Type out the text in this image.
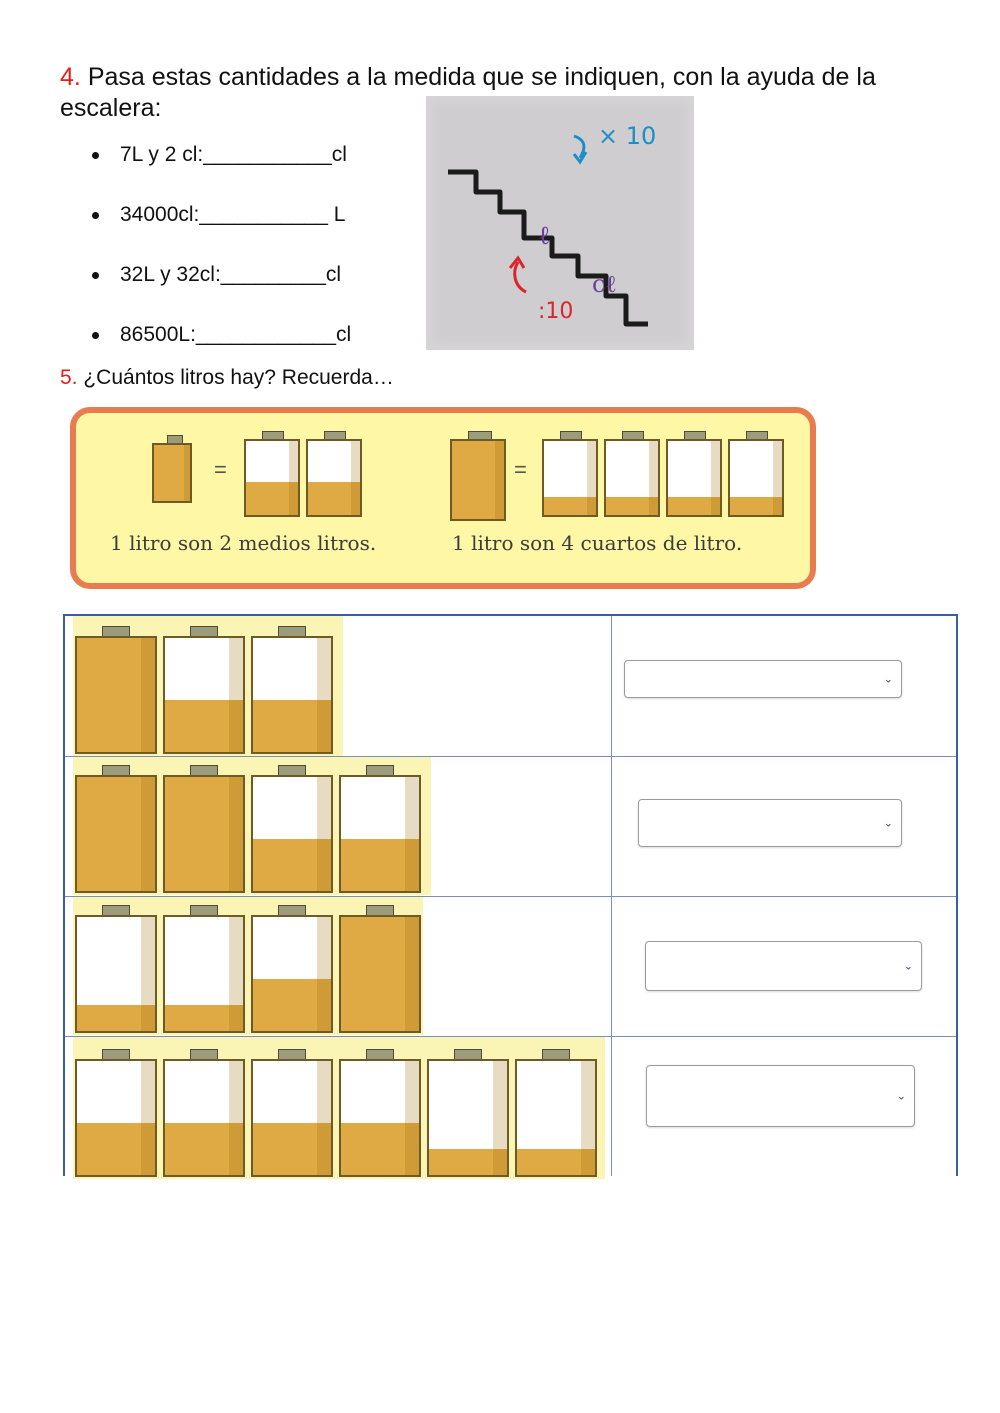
4. Pasa estas cantidades a la medida que se indiquen, con la ayuda de la escalera:
7L y 2 cl:___________cl
34000cl:___________ L
32L y 32cl:_________cl
86500L:____________cl
× 10
:10
ℓ
cℓ
5. ¿Cuántos litros hay? Recuerda…
=
1 litro son 2 medios litros.
=
1 litro son 4 cuartos de litro.
⌄
⌄
⌄
⌄
